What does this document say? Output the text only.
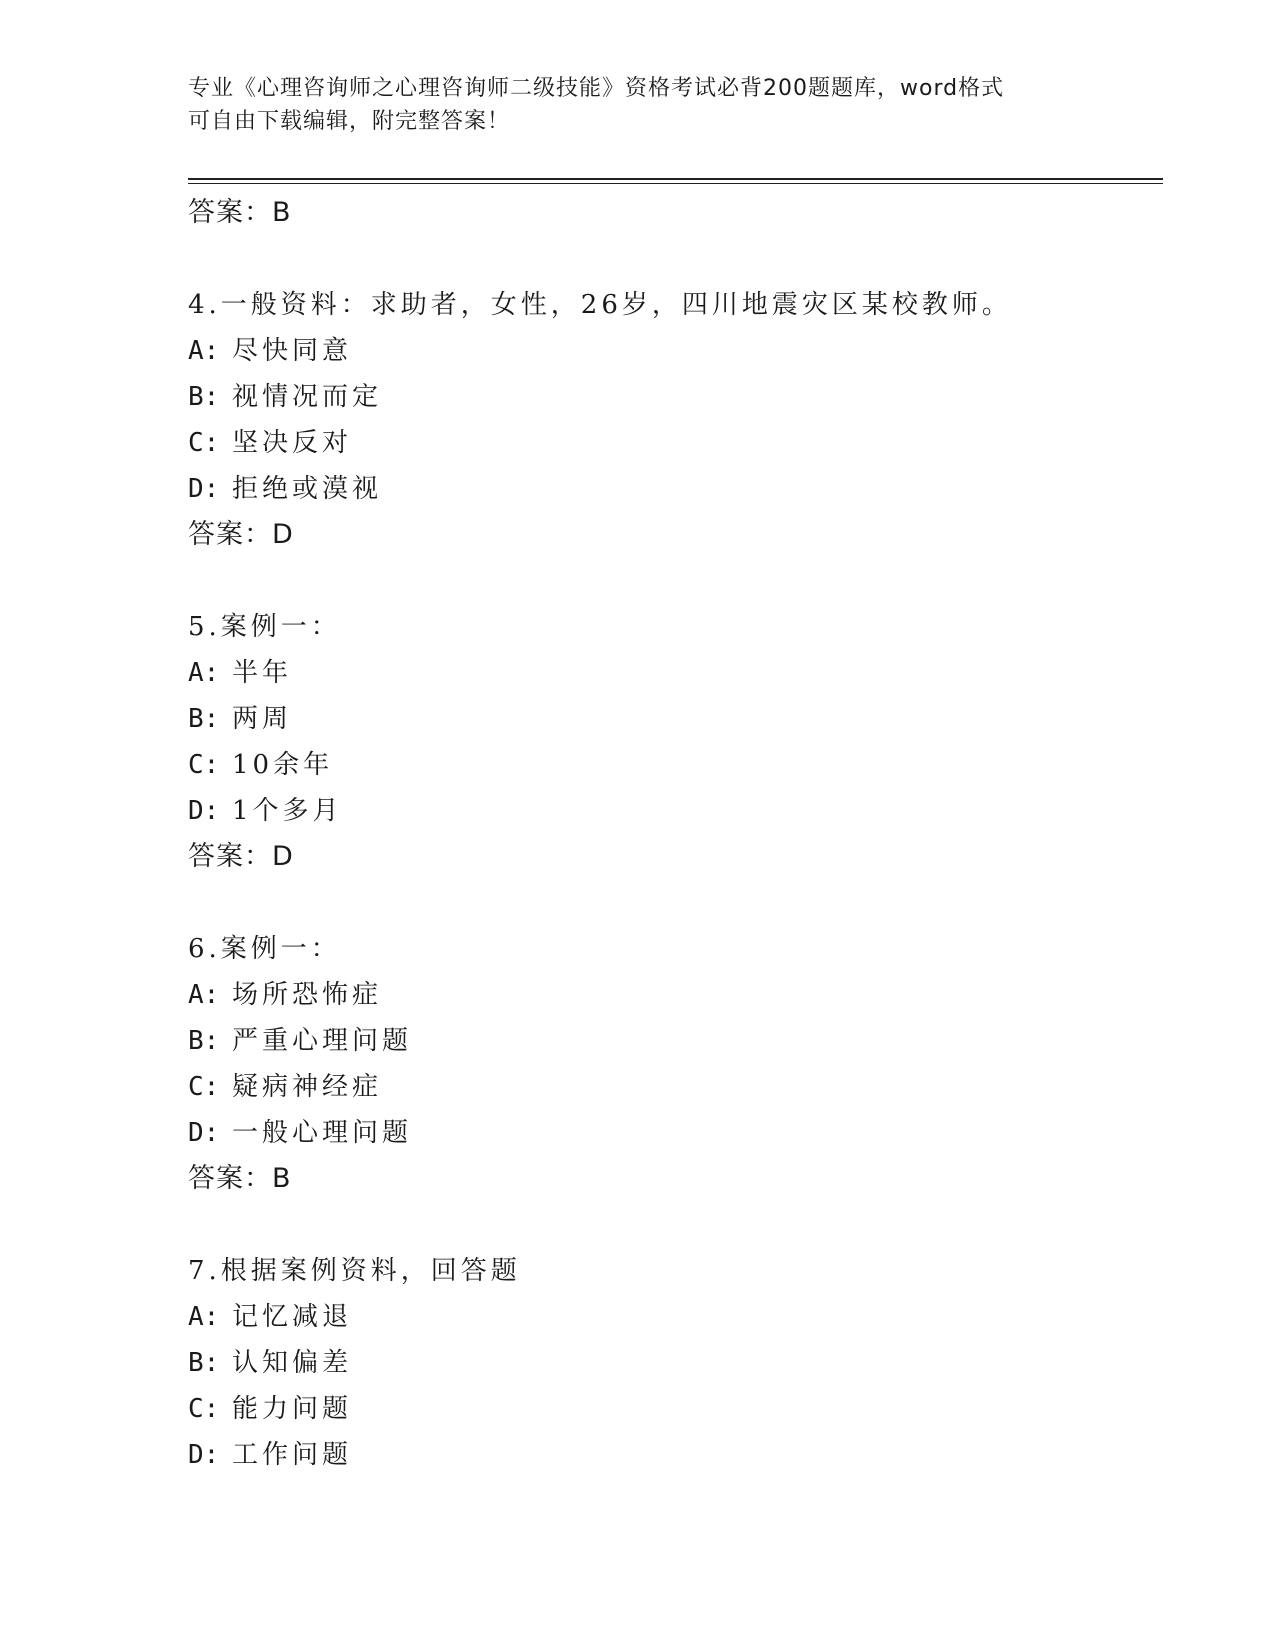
专业《心理咨询师之心理咨询师二级技能》资格考试必背200题题库，word格式
可自由下载编辑，附完整答案！
答案：B
4.一般资料：求助者，女性，26岁，四川地震灾区某校教师。
A: 尽快同意
B: 视情况而定
C: 坚决反对
D: 拒绝或漠视
答案：D
5.案例一：
A: 半年
B: 两周
C: 10余年
D: 1个多月
答案：D
6.案例一：
A: 场所恐怖症
B: 严重心理问题
C: 疑病神经症
D: 一般心理问题
答案：B
7.根据案例资料，回答题
A: 记忆减退
B: 认知偏差
C: 能力问题
D: 工作问题
